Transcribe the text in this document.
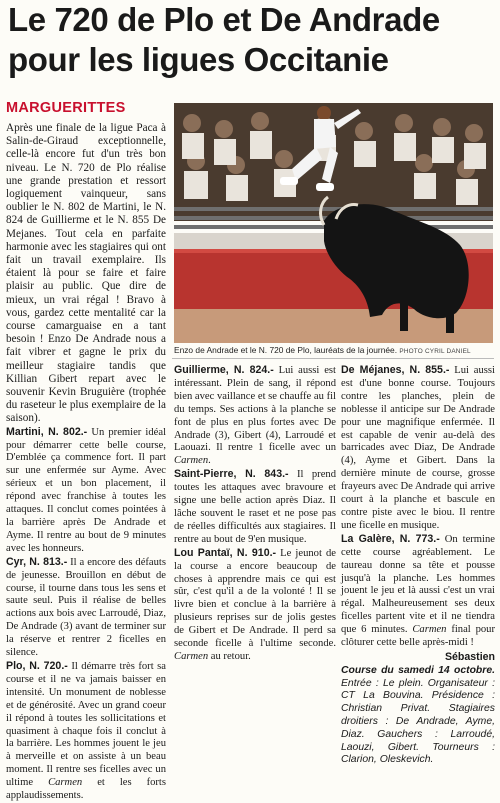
Le 720 de Plo et De Andrade
pour les ligues Occitanie
MARGUERITTES

Après une finale de la ligue Paca à Salin-de-Giraud exceptionnelle, celle-là encore fut d'un très bon niveau. Le N. 720 de Plo réalise une grande prestation et ressort logiquement vainqueur, sans oublier le N. 802 de Martini, le N. 824 de Guillierme et le N. 855 De Mejanes. Tout cela en parfaite harmonie avec les stagiaires qui ont fait un travail exemplaire. Ils étaient là pour se faire et faire plaisir au public. Que dire de mieux, un vrai régal ! Bravo à vous, gardez cette mentalité car la course camarguaise en a tant besoin ! Enzo De Andrade nous a fait vibrer et gagne le prix du meilleur stagiaire tandis que Killian Gibert repart avec le souvenir Kevin Bruguière (trophée du raseteur le plus exemplaire de la saison).

Martini, N. 802.- Un premier idéal pour démarrer cette belle course, D'emblée ça commence fort. Il part sur une enfermée sur Ayme. Avec sérieux et un bon placement, il répond avec franchise à toutes les attaques. Il conclut comes pointées à la barrière après De Andrade et Ayme. Il rentre au bout de 9 minutes avec les honneurs.

Cyr, N. 813.- Il a encore des défauts de jeunesse. Brouillon en début de course, il tourne dans tous les sens et saute seul. Puis il réalise de belles actions aux bois avec Larroudé, Diaz, De Andrade (3) avant de terminer sur la réserve et rentrer 2 ficelles en silence.

Plo, N. 720.- Il démarre très fort sa course et il ne va jamais baisser en intensité. Un monument de noblesse et de générosité. Avec un grand coeur il répond à toutes les sollicitations et quasiment à chaque fois il conclut à la barrière. Les hommes jouent le jeu à merveille et on assiste à un beau moment. Il rentre ses ficelles avec un ultime Carmen et les forts applaudissements.

Enzo de Andrade et le N. 720 de Plo, lauréats de la journée. PHOTO CYRIL DANIEL

Guillierme, N. 824.- Lui aussi est intéressant. Plein de sang, il répond bien avec vaillance et se chauffe au fil du temps. Ses actions à la planche se font de plus en plus fortes avec De Andrade (3), Gibert (4), Larroudé et Laouazi. Il rentre 1 ficelle avec un Carmen.

Saint-Pierre, N. 843.- Il prend toutes les attaques avec bravoure et signe une belle action après Diaz. Il lâche souvent le raset et ne pose pas de réelles difficultés aux stagiaires. Il rentre au bout de 9'en musique.

Lou Pantaï, N. 910.- Le jeunot de la course a encore beaucoup de choses à apprendre mais ce qui est sûr, c'est qu'il a de la volonté ! Il se livre bien et conclue à la barrière à plusieurs reprises sur de jolis gestes de Gibert et De Andrade. Il perd sa seconde ficelle à l'ultime seconde. Carmen au retour.

De Méjanes, N. 855.- Lui aussi est d'une bonne course. Toujours contre les planches, plein de noblesse il anticipe sur De Andrade pour une magnifique enfermée. Il est capable de venir au-delà des barricades avec Diaz, De Andrade (4), Ayme et Gibert. Dans la dernière minute de course, grosse frayeurs avec De Andrade qui arrive court à la planche et bascule en contre piste avec le biou. Il rentre une ficelle en musique.

La Galère, N. 773.- On termine cette course agréablement. Le taureau donne sa tête et pousse jusqu'à la planche. Les hommes jouent le jeu et là aussi c'est un vrai régal. Malheureusement ses deux ficelles partent vite et il ne tiendra que 6 minutes. Carmen final pour clôturer cette belle après-midi !

Sébastien
Course du samedi 14 octobre. Entrée : Le plein. Organisateur : CT La Bouvina. Présidence : Christian Privat. Stagiaires droitiers : De Andrade, Ayme, Diaz. Gauchers : Larroudé, Laouzi, Gibert. Tourneurs : Clarion, Oleskevich.
